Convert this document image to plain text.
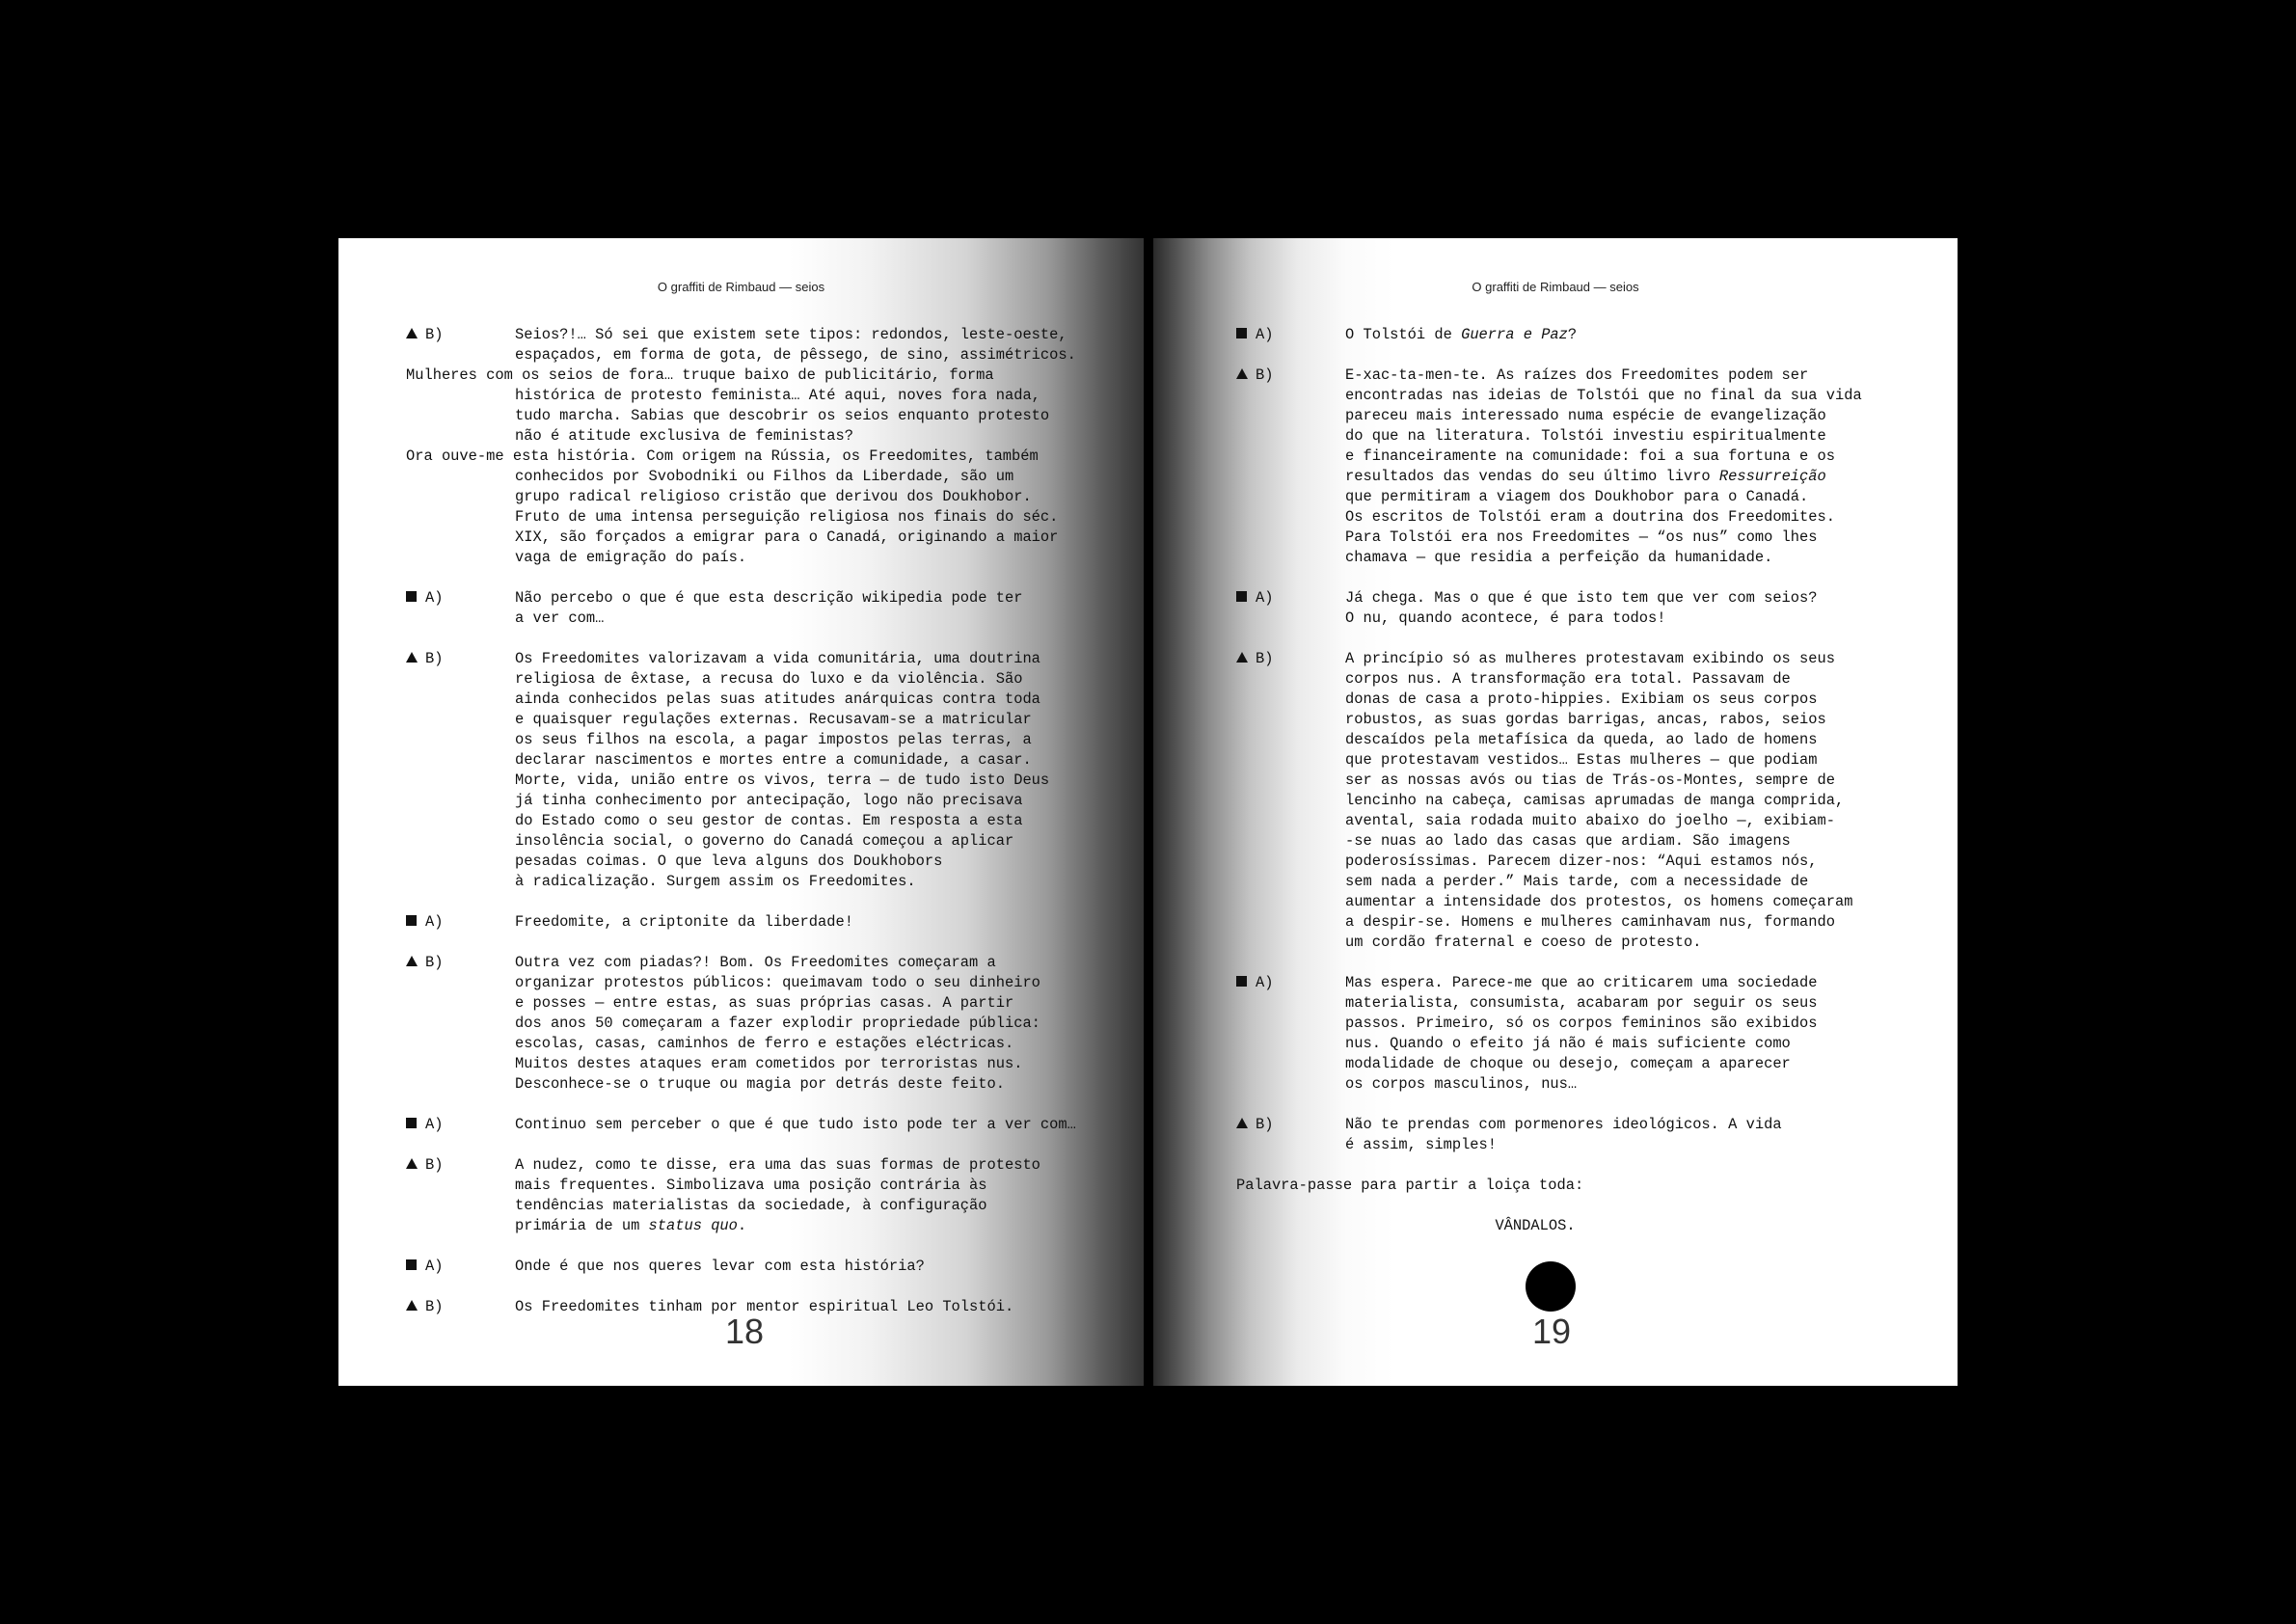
O graffiti de Rimbaud — seios
B)	Seios?!… Só sei que existem sete tipos: redondos, leste-oeste,
espaçados, em forma de gota, de pêssego, de sino, assimétricos.
Mulheres com os seios de fora… truque baixo de publicitário, forma
histórica de protesto feminista… Até aqui, noves fora nada,
tudo marcha. Sabias que descobrir os seios enquanto protesto
não é atitude exclusiva de feministas?
Ora ouve-me esta história. Com origem na Rússia, os Freedomites, também
conhecidos por Svobodniki ou Filhos da Liberdade, são um
grupo radical religioso cristão que derivou dos Doukhobor.
Fruto de uma intensa perseguição religiosa nos finais do séc.
XIX, são forçados a emigrar para o Canadá, originando a maior
vaga de emigração do país.
A)	Não percebo o que é que esta descrição wikipedia pode ter
a ver com…
B)	Os Freedomites valorizavam a vida comunitária, uma doutrina
religiosa de êxtase, a recusa do luxo e da violência. São
ainda conhecidos pelas suas atitudes anárquicas contra toda
e quaisquer regulações externas. Recusavam-se a matricular
os seus filhos na escola, a pagar impostos pelas terras, a
declarar nascimentos e mortes entre a comunidade, a casar.
Morte, vida, união entre os vivos, terra — de tudo isto Deus
já tinha conhecimento por antecipação, logo não precisava
do Estado como o seu gestor de contas. Em resposta a esta
insolência social, o governo do Canadá começou a aplicar
pesadas coimas. O que leva alguns dos Doukhobors
à radicalização. Surgem assim os Freedomites.
A)	Freedomite, a criptonite da liberdade!
B)	Outra vez com piadas?! Bom. Os Freedomites começaram a
organizar protestos públicos: queimavam todo o seu dinheiro
e posses — entre estas, as suas próprias casas. A partir
dos anos 50 começaram a fazer explodir propriedade pública:
escolas, casas, caminhos de ferro e estações eléctricas.
Muitos destes ataques eram cometidos por terroristas nus.
Desconhece-se o truque ou magia por detrás deste feito.
A)	Continuo sem perceber o que é que tudo isto pode ter a ver com…
B)	A nudez, como te disse, era uma das suas formas de protesto
mais frequentes. Simbolizava uma posição contrária às
tendências materialistas da sociedade, à configuração
primária de um status quo.
A)	Onde é que nos queres levar com esta história?
B)	Os Freedomites tinham por mentor espiritual Leo Tolstói.
18
O graffiti de Rimbaud — seios
A)	O Tolstói de Guerra e Paz?
B)	E-xac-ta-men-te. As raízes dos Freedomites podem ser
encontradas nas ideias de Tolstói que no final da sua vida
pareceu mais interessado numa espécie de evangelização
do que na literatura. Tolstói investiu espiritualmente
e financeiramente na comunidade: foi a sua fortuna e os
resultados das vendas do seu último livro Ressurreição
que permitiram a viagem dos Doukhobor para o Canadá.
Os escritos de Tolstói eram a doutrina dos Freedomites.
Para Tolstói era nos Freedomites — “os nus” como lhes
chamava — que residia a perfeição da humanidade.
A)	Já chega. Mas o que é que isto tem que ver com seios?
O nu, quando acontece, é para todos!
B)	A princípio só as mulheres protestavam exibindo os seus
corpos nus. A transformação era total. Passavam de
donas de casa a proto-hippies. Exibiam os seus corpos
robustos, as suas gordas barrigas, ancas, rabos, seios
descaídos pela metafísica da queda, ao lado de homens
que protestavam vestidos… Estas mulheres — que podiam
ser as nossas avós ou tias de Trás-os-Montes, sempre de
lencinho na cabeça, camisas aprumadas de manga comprida,
avental, saia rodada muito abaixo do joelho —, exibiam-
-se nuas ao lado das casas que ardiam. São imagens
poderosíssimas. Parecem dizer-nos: “Aqui estamos nós,
sem nada a perder.” Mais tarde, com a necessidade de
aumentar a intensidade dos protestos, os homens começaram
a despir-se. Homens e mulheres caminhavam nus, formando
um cordão fraternal e coeso de protesto.
A)	Mas espera. Parece-me que ao criticarem uma sociedade
materialista, consumista, acabaram por seguir os seus
passos. Primeiro, só os corpos femininos são exibidos
nus. Quando o efeito já não é mais suficiente como
modalidade de choque ou desejo, começam a aparecer
os corpos masculinos, nus…
B)	Não te prendas com pormenores ideológicos. A vida
é assim, simples!
Palavra-passe para partir a loiça toda:
VÂNDALOS.
19
